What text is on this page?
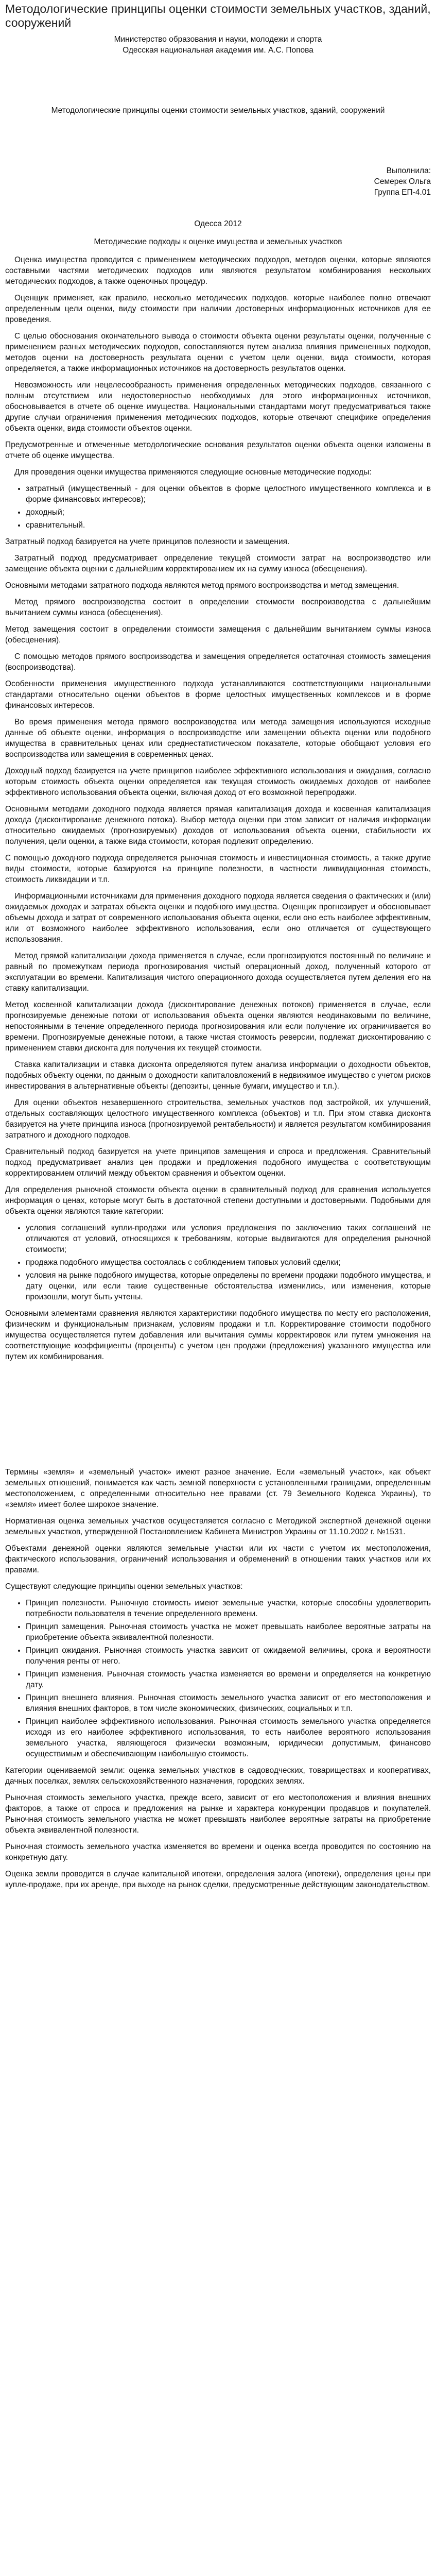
Методологические принципы оценки стоимости земельных участков, зданий, сооружений
Министерство образования и науки, молодежи и спорта
Одесская национальная академия им. А.С. Попова
Методологические принципы оценки стоимости земельных участков, зданий, сооружений
Выполнила:
Семерек Ольга
Группа ЕП-4.01
Одесса 2012
Методические подходы к оценке имущества и земельных участков

Оценка имущества проводится с применением методических подходов, методов оценки, которые являются составными частями методических подходов или являются результатом комбинирования нескольких методических подходов, а также оценочных процедур.

Оценщик применяет, как правило, несколько методических подходов, которые наиболее полно отвечают определенным цели оценки, виду стоимости при наличии достоверных информационных источников для ее проведения.

С целью обоснования окончательного вывода о стоимости объекта оценки результаты оценки, полученные с применением разных методических подходов, сопоставляются путем анализа влияния примененных подходов, методов оценки на достоверность результата оценки с учетом цели оценки, вида стоимости, которая определяется, а также информационных источников на достоверность результатов оценки.

Невозможность или нецелесообразность применения определенных методических подходов, связанного с полным отсутствием или недостоверностью необходимых для этого информационных источников, обосновывается в отчете об оценке имущества. Национальными стандартами могут предусматриваться также другие случаи ограничения применения методических подходов, которые отвечают специфике определения объекта оценки, вида стоимости объектов оценки.

Предусмотренные и отмеченные методологические основания результатов оценки объекта оценки изложены в отчете об оценке имущества.

Для проведения оценки имущества применяются следующие основные методические подходы:

• затратный (имущественный - для оценки объектов в форме целостного имущественного комплекса и в форме финансовых интересов);
• доходный;
• сравнительный.

Затратный подход базируется на учете принципов полезности и замещения.

Затратный подход предусматривает определение текущей стоимости затрат на воспроизводство или замещение объекта оценки с дальнейшим корректированием их на сумму износа (обесценения).

Основными методами затратного подхода являются метод прямого воспроизводства и метод замещения.

Метод прямого воспроизводства состоит в определении стоимости воспроизводства с дальнейшим вычитанием суммы износа (обесценения).

Метод замещения состоит в определении стоимости замещения с дальнейшим вычитанием суммы износа (обесценения).

С помощью методов прямого воспроизводства и замещения определяется остаточная стоимость замещения (воспроизводства).

Особенности применения имущественного подхода устанавливаются соответствующими национальными стандартами относительно оценки объектов в форме целостных имущественных комплексов и в форме финансовых интересов.

Во время применения метода прямого воспроизводства или метода замещения используются исходные данные об объекте оценки, информация о воспроизводстве или замещении объекта оценки или подобного имущества в сравнительных ценах или среднестатистическом показателе, которые обобщают условия его воспроизводства или замещения в современных ценах.

Доходный подход базируется на учете принципов наиболее эффективного использования и ожидания, согласно которым стоимость объекта оценки определяется как текущая стоимость ожидаемых доходов от наиболее эффективного использования объекта оценки, включая доход от его возможной перепродажи.

Основными методами доходного подхода является прямая капитализация дохода и косвенная капитализация дохода (дисконтирование денежного потока). Выбор метода оценки при этом зависит от наличия информации относительно ожидаемых (прогнозируемых) доходов от использования объекта оценки, стабильности их получения, цели оценки, а также вида стоимости, которая подлежит определению.

С помощью доходного подхода определяется рыночная стоимость и инвестиционная стоимость, а также другие виды стоимости, которые базируются на принципе полезности, в частности ликвидационная стоимость, стоимость ликвидации и т.п.

Информационными источниками для применения доходного подхода является сведения о фактических и (или) ожидаемых доходах и затратах объекта оценки и подобного имущества. Оценщик прогнозирует и обосновывает объемы дохода и затрат от современного использования объекта оценки, если оно есть наиболее эффективным, или от возможного наиболее эффективного использования, если оно отличается от существующего использования.

Метод прямой капитализации дохода применяется в случае, если прогнозируются постоянный по величине и равный по промежуткам периода прогнозирования чистый операционный доход, полученный которого от эксплуатации во времени. Капитализация чистого операционного дохода осуществляется путем деления его на ставку капитализации.

Метод косвенной капитализации дохода (дисконтирование денежных потоков) применяется в случае, если прогнозируемые денежные потоки от использования объекта оценки являются неодинаковыми по величине, непостоянными в течение определенного периода прогнозирования или если получение их ограничивается во времени. Прогнозируемые денежные потоки, а также чистая стоимость реверсии, подлежат дисконтированию с применением ставки дисконта для получения их текущей стоимости.

Ставка капитализации и ставка дисконта определяются путем анализа информации о доходности объектов, подобных объекту оценки, по данным о доходности капиталовложений в недвижимое имущество с учетом рисков инвестирования в альтернативные объекты (депозиты, ценные бумаги, имущество и т.п.).

Для оценки объектов незавершенного строительства, земельных участков под застройкой, их улучшений, отдельных составляющих целостного имущественного комплекса (объектов) и т.п. При этом ставка дисконта базируется на учете принципа износа (прогнозируемой рентабельности) и является результатом комбинирования затратного и доходного подходов.

Сравнительный подход базируется на учете принципов замещения и спроса и предложения. Сравнительный подход предусматривает анализ цен продажи и предложения подобного имущества с соответствующим корректированием отличий между объектом сравнения и объектом оценки.

Для определения рыночной стоимости объекта оценки в сравнительный подход для сравнения используется информация о ценах, которые могут быть в достаточной степени доступными и достоверными. Подобными для объекта оценки являются такие категории:

• условия соглашений купли-продажи или условия предложения по заключению таких соглашений не отличаются от условий, относящихся к требованиям, которые выдвигаются для определения рыночной стоимости;
• продажа подобного имущества состоялась с соблюдением типовых условий сделки;
• условия на рынке подобного имущества, которые определены по времени продажи подобного имущества, и дату оценки, или если такие существенные обстоятельства изменились, или изменения, которые произошли, могут быть учтены.

Основными элементами сравнения являются характеристики подобного имущества по месту его расположения, физическим и функциональным признакам, условиям продажи и т.п. Корректирование стоимости подобного имущества осуществляется путем добавления или вычитания суммы корректировок или путем умножения на соответствующие коэффициенты (проценты) с учетом цен продажи (предложения) указанного имущества или путем их комбинирования.

Термины «земля» и «земельный участок» имеют разное значение. Если «земельный участок», как объект земельных отношений, понимается как часть земной поверхности с установленными границами, определенным местоположением, с определенными относительно нее правами (ст. 79 Земельного Кодекса Украины), то «земля» имеет более широкое значение.

Нормативная оценка земельных участков осуществляется согласно с Методикой экспертной денежной оценки земельных участков, утвержденной Постановлением Кабинета Министров Украины от 11.10.2002 г. №1531.

Объектами денежной оценки являются земельные участки или их части с учетом их местоположения, фактического использования, ограничений использования и обременений в отношении таких участков или их правами.

Существуют следующие принципы оценки земельных участков:

• Принцип полезности. Рыночную стоимость имеют земельные участки, которые способны удовлетворить потребности пользователя в течение определенного времени.
• Принцип замещения. Рыночная стоимость участка не может превышать наиболее вероятные затраты на приобретение объекта эквивалентной полезности.
• Принцип ожидания. Рыночная стоимость участка зависит от ожидаемой величины, срока и вероятности получения ренты от него.
• Принцип изменения. Рыночная стоимость участка изменяется во времени и определяется на конкретную дату.
• Принцип внешнего влияния. Рыночная стоимость земельного участка зависит от его местоположения и влияния внешних факторов, в том числе экономических, физических, социальных и т.п.
• Принцип наиболее эффективного использования. Рыночная стоимость земельного участка определяется исходя из его наиболее эффективного использования, то есть наиболее вероятного использования земельного участка, являющегося физически возможным, юридически допустимым, финансово осуществимым и обеспечивающим наибольшую стоимость.

Категории оцениваемой земли: оценка земельных участков в садоводческих, товариществах и кооперативах, дачных поселках, землях сельскохозяйственного назначения, городских землях.

Рыночная стоимость земельного участка, прежде всего, зависит от его местоположения и влияния внешних факторов, а также от спроса и предложения на рынке и характера конкуренции продавцов и покупателей. Рыночная стоимость земельного участка не может превышать наиболее вероятные затраты на приобретение объекта эквивалентной полезности.

Рыночная стоимость земельного участка изменяется во времени и оценка всегда проводится по состоянию на конкретную дату.

Оценка земли проводится в случае капитальной ипотеки, определения залога (ипотеки), определения цены при купле-продаже, при их аренде, при выходе на рынок сделки, предусмотренные действующим законодательством.
